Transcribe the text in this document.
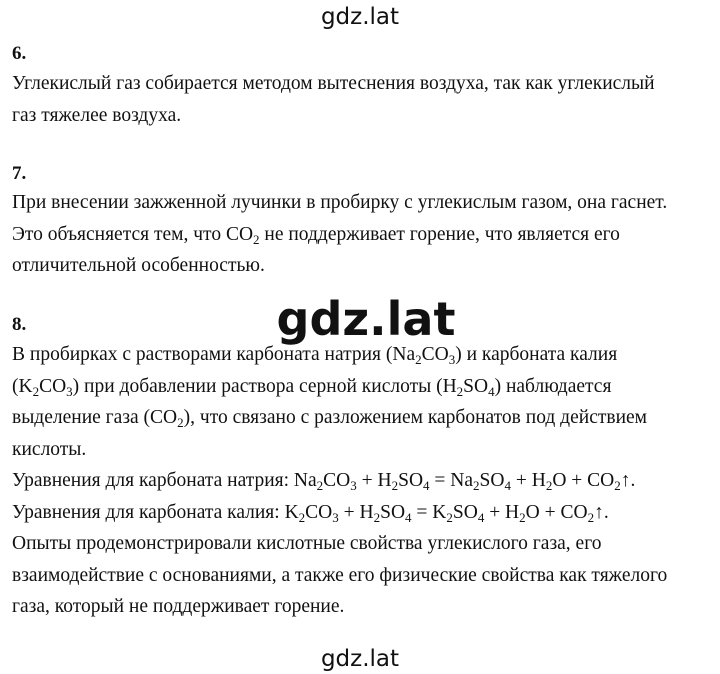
gdz.lat
gdz.lat
gdz.lat
6.
Углекислый газ собирается методом вытеснения воздуха, так как углекислый
газ тяжелее воздуха.
7.
При внесении зажженной лучинки в пробирку с углекислым газом, она гаснет.
Это объясняется тем, что $CO_2$ не поддерживает горение, что является его
отличительной особенностью.
8.
В пробирках с растворами карбоната натрия $(Na_2CO_3)$ и карбоната калия
$(K_2CO_3)$ при добавлении раствора серной кислоты $(H_2SO_4)$ наблюдается
выделение газа $(CO_2)$, что связано с разложением карбонатов под действием
кислоты.
Уравнения для карбоната натрия: $Na_2CO_3 + H_2SO_4 = Na_2SO_4 + H_2O$ + $CO_2↑$.
Уравнения для карбоната калия: $K_2CO_3 + H_2SO_4 = K_2SO_4 + H_2O$ + $CO_2↑$.
Опыты продемонстрировали кислотные свойства углекислого газа, его
взаимодействие с основаниями, а также его физические свойства как тяжелого
газа, который не поддерживает горение.
